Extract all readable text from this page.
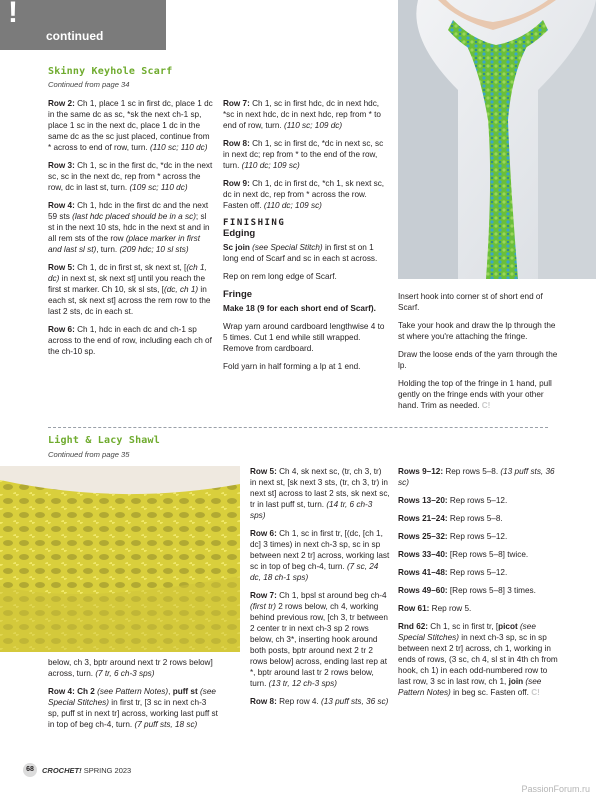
!
continued
Skinny Keyhole Scarf
Continued from page 34

Row 2: Ch 1, place 1 sc in first dc, place 1 dc in the same dc as sc, *sk the next ch-1 sp, place 1 sc in the next dc, place 1 dc in the same dc as the sc just placed, continue from * across to end of row, turn. (110 sc; 110 dc)

Row 3: Ch 1, sc in the first dc, *dc in the next sc, sc in the next dc, rep from * across the row, dc in last st, turn. (109 sc; 110 dc)

Row 4: Ch 1, hdc in the first dc and the next 59 sts (last hdc placed should be in a sc); sl st in the next 10 sts, hdc in the next st and in all rem sts of the row (place marker in first and last sl st), turn. (209 hdc; 10 sl sts)

Row 5: Ch 1, dc in first st, sk next st, [(ch 1, dc) in next st, sk next st] until you reach the first st marker. Ch 10, sk sl sts, [(dc, ch 1) in each st, sk next st] across the rem row to the last 2 sts, dc in each st.

Row 6: Ch 1, hdc in each dc and ch-1 sp across to the end of row, including each ch of the ch-10 sp.

Row 7: Ch 1, sc in first hdc, dc in next hdc, *sc in next hdc, dc in next hdc, rep from * to end of row, turn. (110 sc; 109 dc)

Row 8: Ch 1, sc in first dc, *dc in next sc, sc in next dc; rep from * to the end of the row, turn. (110 dc; 109 sc)

Row 9: Ch 1, dc in first dc, *ch 1, sk next sc, dc in next dc, rep from * across the row. Fasten off. (110 dc; 109 sc)

FINISHING
Edging

Sc join (see Special Stitch) in first st on 1 long end of Scarf and sc in each st across.

Rep on rem long edge of Scarf.

Fringe

Make 18 (9 for each short end of Scarf).

Wrap yarn around cardboard lengthwise 4 to 5 times. Cut 1 end while still wrapped. Remove from cardboard.

Fold yarn in half forming a lp at 1 end.

Insert hook into corner st of short end of Scarf.

Take your hook and draw the lp through the st where you're attaching the fringe.

Draw the loose ends of the yarn through the lp.

Holding the top of the fringe in 1 hand, pull gently on the fringe ends with your other hand. Trim as needed. C!

Light & Lacy Shawl
Continued from page 35

below, ch 3, bptr around next tr 2 rows below] across, turn. (7 tr, 6 ch-3 sps)

Row 4: Ch 2 (see Pattern Notes), puff st (see Special Stitches) in first tr, [3 sc in next ch-3 sp, puff st in next tr] across, working last puff st in top of beg ch-4, turn. (7 puff sts, 18 sc)

Row 5: Ch 4, sk next sc, (tr, ch 3, tr) in next st, [sk next 3 sts, (tr, ch 3, tr) in next st] across to last 2 sts, sk next sc, tr in last puff st, turn. (14 tr, 6 ch-3 sps)

Row 6: Ch 1, sc in first tr, [(dc, [ch 1, dc] 3 times) in next ch-3 sp, sc in sp between next 2 tr] across, working last sc in top of beg ch-4, turn. (7 sc, 24 dc, 18 ch-1 sps)

Row 7: Ch 1, bpsl st around beg ch-4 (first tr) 2 rows below, ch 4, working behind previous row, [ch 3, tr between 2 center tr in next ch-3 sp 2 rows below, ch 3*, inserting hook around both posts, bptr around next 2 tr 2 rows below] across, ending last rep at *, bptr around last tr 2 rows below, turn. (13 tr, 12 ch-3 sps)

Row 8: Rep row 4. (13 puff sts, 36 sc)

Rows 9–12: Rep rows 5–8. (13 puff sts, 36 sc)

Rows 13–20: Rep rows 5–12.

Rows 21–24: Rep rows 5–8.

Rows 25–32: Rep rows 5–12.

Rows 33–40: [Rep rows 5–8] twice.

Rows 41–48: Rep rows 5–12.

Rows 49–60: [Rep rows 5–8] 3 times.

Row 61: Rep row 5.

Rnd 62: Ch 1, sc in first tr, [picot (see Special Stitches) in next ch-3 sp, sc in sp between next 2 tr] across, ch 1, working in ends of rows, (3 sc, ch 4, sl st in 4th ch from hook, ch 1) in each odd-numbered row to last row, 3 sc in last row, ch 1, join (see Pattern Notes) in beg sc. Fasten off. C!

68	CROCHET! SPRING 2023
PassionForum.ru
